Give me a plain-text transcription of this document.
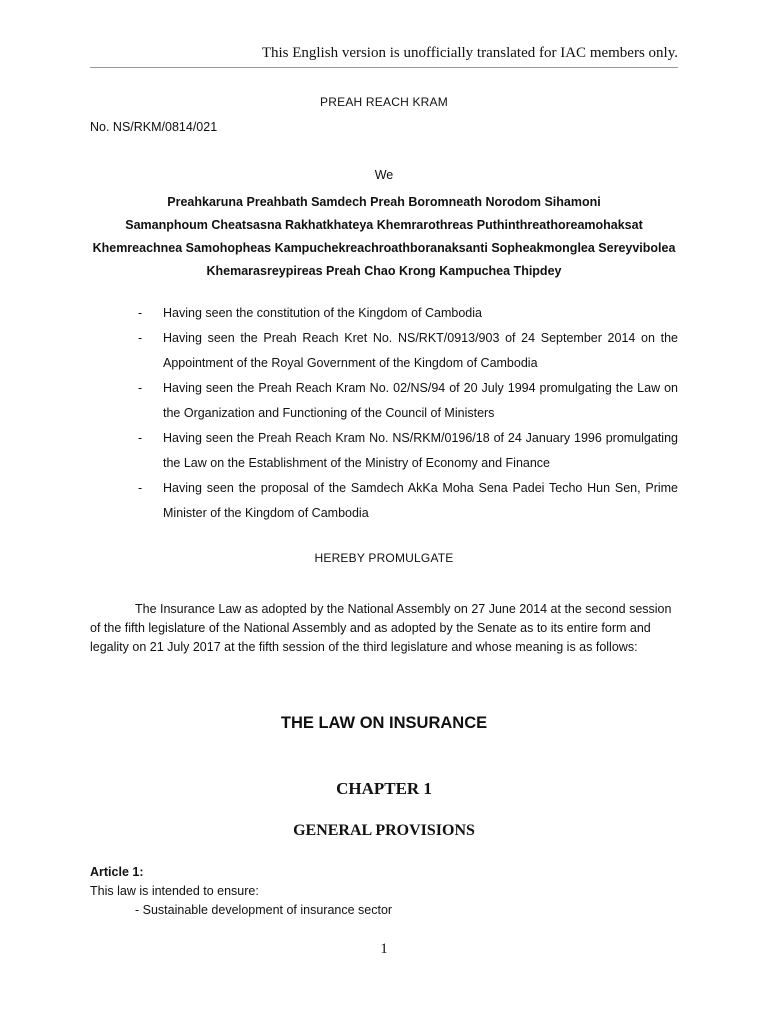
This English version is unofficially translated for IAC members only.
PREAH REACH KRAM
No. NS/RKM/0814/021
We
Preahkaruna Preahbath Samdech Preah Boromneath Norodom Sihamoni
Samanphoum Cheatsasna Rakhatkhateya Khemrarothreas Puthinthreathoreamohaksat
Khemreachnea Samohopheas Kampuchekreachroathboranaksanti Sopheakmonglea Sereyvibolea
Khemarasreypireas Preah Chao Krong Kampuchea Thipdey
- Having seen the constitution of the Kingdom of Cambodia
- Having seen the Preah Reach Kret No. NS/RKT/0913/903 of 24 September 2014 on the Appointment of the Royal Government of the Kingdom of Cambodia
- Having seen the Preah Reach Kram No. 02/NS/94 of 20 July 1994 promulgating the Law on the Organization and Functioning of the Council of Ministers
- Having seen the Preah Reach Kram No. NS/RKM/0196/18 of 24 January 1996 promulgating the Law on the Establishment of the Ministry of Economy and Finance
- Having seen the proposal of the Samdech AkKa Moha Sena Padei Techo Hun Sen, Prime Minister of the Kingdom of Cambodia
HEREBY PROMULGATE

The Insurance Law as adopted by the National Assembly on 27 June 2014 at the second session of the fifth legislature of the National Assembly and as adopted by the Senate as to its entire form and legality on 21 July 2017 at the fifth session of the third legislature and whose meaning is as follows:

THE LAW ON INSURANCE
CHAPTER 1
GENERAL PROVISIONS
Article 1:
This law is intended to ensure:
- Sustainable development of insurance sector
1
